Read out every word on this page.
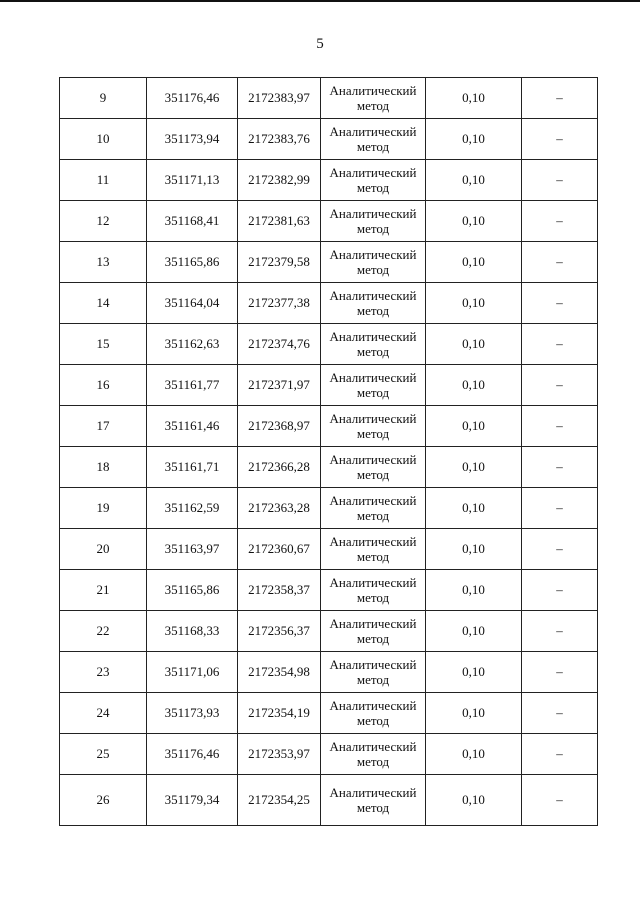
5
9	351176,46	2172383,97	Аналитический
метод	0,10	–
10	351173,94	2172383,76	Аналитический
метод	0,10	–
11	351171,13	2172382,99	Аналитический
метод	0,10	–
12	351168,41	2172381,63	Аналитический
метод	0,10	–
13	351165,86	2172379,58	Аналитический
метод	0,10	–
14	351164,04	2172377,38	Аналитический
метод	0,10	–
15	351162,63	2172374,76	Аналитический
метод	0,10	–
16	351161,77	2172371,97	Аналитический
метод	0,10	–
17	351161,46	2172368,97	Аналитический
метод	0,10	–
18	351161,71	2172366,28	Аналитический
метод	0,10	–
19	351162,59	2172363,28	Аналитический
метод	0,10	–
20	351163,97	2172360,67	Аналитический
метод	0,10	–
21	351165,86	2172358,37	Аналитический
метод	0,10	–
22	351168,33	2172356,37	Аналитический
метод	0,10	–
23	351171,06	2172354,98	Аналитический
метод	0,10	–
24	351173,93	2172354,19	Аналитический
метод	0,10	–
25	351176,46	2172353,97	Аналитический
метод	0,10	–
26	351179,34	2172354,25	Аналитический
метод	0,10	–
